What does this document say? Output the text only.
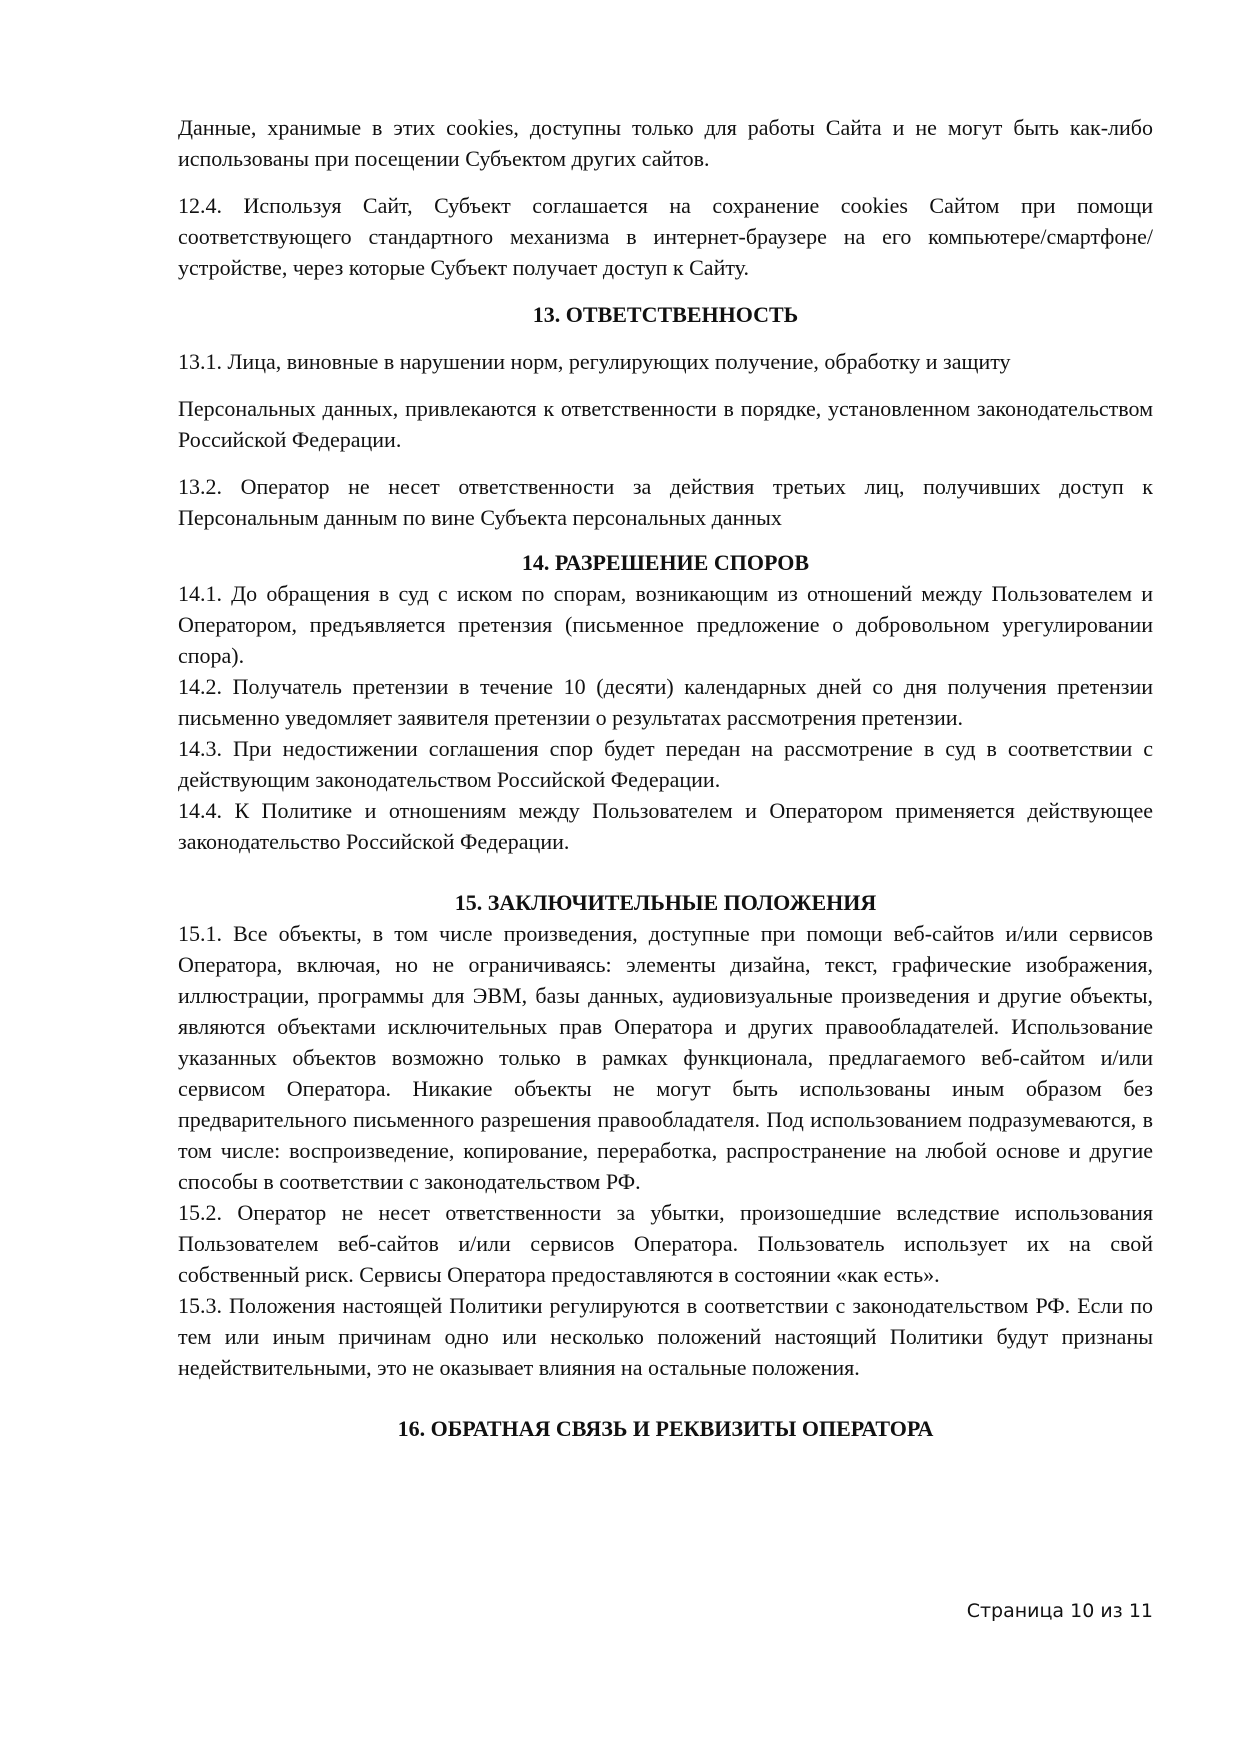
Данные, хранимые в этих cookies, доступны только для работы Сайта и не могут быть как-либо использованы при посещении Субъектом других сайтов.

12.4. Используя Сайт, Субъект соглашается на сохранение cookies Сайтом при помощи соответствующего стандартного механизма в интернет-браузере на его компьютере/смартфоне/устройстве, через которые Субъект получает доступ к Сайту.

13. ОТВЕТСТВЕННОСТЬ

13.1. Лица, виновные в нарушении норм, регулирующих получение, обработку и защиту

Персональных данных, привлекаются к ответственности в порядке, установленном законодательством Российской Федерации.

13.2. Оператор не несет ответственности за действия третьих лиц, получивших доступ к Персональным данным по вине Субъекта персональных данных

14. РАЗРЕШЕНИЕ СПОРОВ

14.1. До обращения в суд с иском по спорам, возникающим из отношений между Пользователем и Оператором, предъявляется претензия (письменное предложение о добровольном урегулировании спора).

14.2. Получатель претензии в течение 10 (десяти) календарных дней со дня получения претензии письменно уведомляет заявителя претензии о результатах рассмотрения претензии.

14.3. При недостижении соглашения спор будет передан на рассмотрение в суд в соответствии с действующим законодательством Российской Федерации.

14.4. К Политике и отношениям между Пользователем и Оператором применяется действующее законодательство Российской Федерации.

15. ЗАКЛЮЧИТЕЛЬНЫЕ ПОЛОЖЕНИЯ

15.1. Все объекты, в том числе произведения, доступные при помощи веб-сайтов и/или сервисов Оператора, включая, но не ограничиваясь: элементы дизайна, текст, графические изображения, иллюстрации, программы для ЭВМ, базы данных, аудиовизуальные произведения и другие объекты, являются объектами исключительных прав Оператора и других правообладателей. Использование указанных объектов возможно только в рамках функционала, предлагаемого веб-сайтом и/или сервисом Оператора. Никакие объекты не могут быть использованы иным образом без предварительного письменного разрешения правообладателя. Под использованием подразумеваются, в том числе: воспроизведение, копирование, переработка, распространение на любой основе и другие способы в соответствии с законодательством РФ.

15.2. Оператор не несет ответственности за убытки, произошедшие вследствие использования Пользователем веб-сайтов и/или сервисов Оператора. Пользователь использует их на свой собственный риск. Сервисы Оператора предоставляются в состоянии «как есть».

15.3. Положения настоящей Политики регулируются в соответствии с законодательством РФ. Если по тем или иным причинам одно или несколько положений настоящий Политики будут признаны недействительными, это не оказывает влияния на остальные положения.

16. ОБРАТНАЯ СВЯЗЬ И РЕКВИЗИТЫ ОПЕРАТОРА

Страница 10 из 11
